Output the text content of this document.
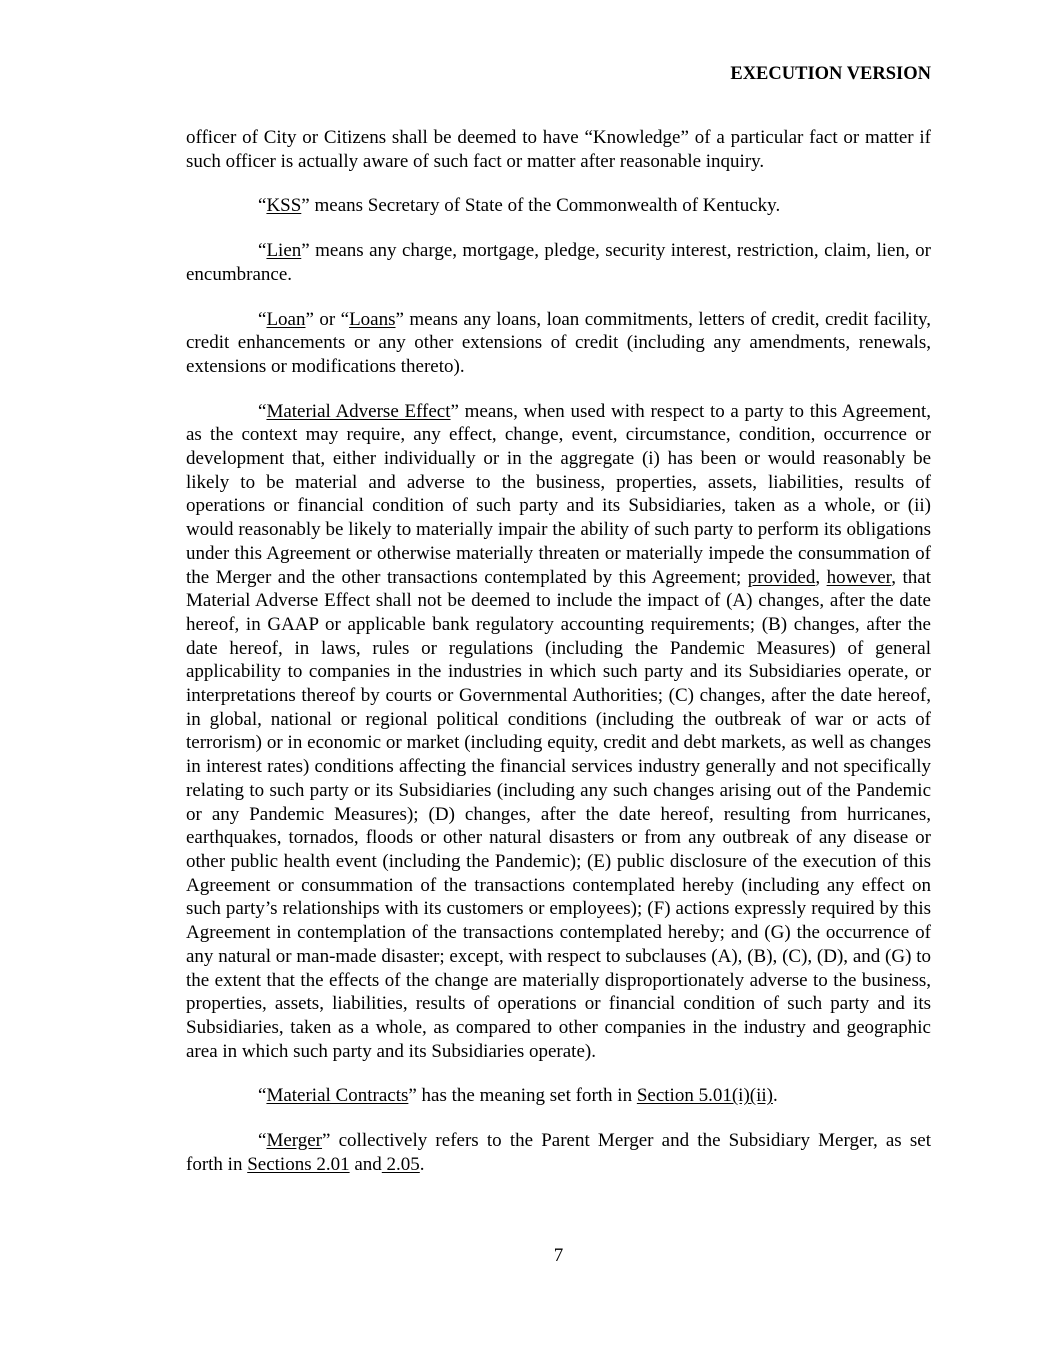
EXECUTION VERSION

officer of City or Citizens shall be deemed to have “Knowledge” of a particular fact or matter if such officer is actually aware of such fact or matter after reasonable inquiry.

“KSS” means Secretary of State of the Commonwealth of Kentucky.

“Lien” means any charge, mortgage, pledge, security interest, restriction, claim, lien, or encumbrance.

“Loan” or “Loans” means any loans, loan commitments, letters of credit, credit facility, credit enhancements or any other extensions of credit (including any amendments, renewals, extensions or modifications thereto).

“Material Adverse Effect” means, when used with respect to a party to this Agreement, as the context may require, any effect, change, event, circumstance, condition, occurrence or development that, either individually or in the aggregate (i) has been or would reasonably be likely to be material and adverse to the business, properties, assets, liabilities, results of operations or financial condition of such party and its Subsidiaries, taken as a whole, or (ii) would reasonably be likely to materially impair the ability of such party to perform its obligations under this Agreement or otherwise materially threaten or materially impede the consummation of the Merger and the other transactions contemplated by this Agreement; provided, however, that Material Adverse Effect shall not be deemed to include the impact of (A) changes, after the date hereof, in GAAP or applicable bank regulatory accounting requirements; (B) changes, after the date hereof, in laws, rules or regulations (including the Pandemic Measures) of general applicability to companies in the industries in which such party and its Subsidiaries operate, or interpretations thereof by courts or Governmental Authorities; (C) changes, after the date hereof, in global, national or regional political conditions (including the outbreak of war or acts of terrorism) or in economic or market (including equity, credit and debt markets, as well as changes in interest rates) conditions affecting the financial services industry generally and not specifically relating to such party or its Subsidiaries (including any such changes arising out of the Pandemic or any Pandemic Measures); (D) changes, after the date hereof, resulting from hurricanes, earthquakes, tornados, floods or other natural disasters or from any outbreak of any disease or other public health event (including the Pandemic); (E) public disclosure of the execution of this Agreement or consummation of the transactions contemplated hereby (including any effect on such party’s relationships with its customers or employees); (F) actions expressly required by this Agreement in contemplation of the transactions contemplated hereby; and (G) the occurrence of any natural or man-made disaster; except, with respect to subclauses (A), (B), (C), (D), and (G) to the extent that the effects of the change are materially disproportionately adverse to the business, properties, assets, liabilities, results of operations or financial condition of such party and its Subsidiaries, taken as a whole, as compared to other companies in the industry and geographic area in which such party and its Subsidiaries operate).

“Material Contracts” has the meaning set forth in Section 5.01(i)(ii).

“Merger” collectively refers to the Parent Merger and the Subsidiary Merger, as set forth in Sections 2.01 and 2.05.

7
